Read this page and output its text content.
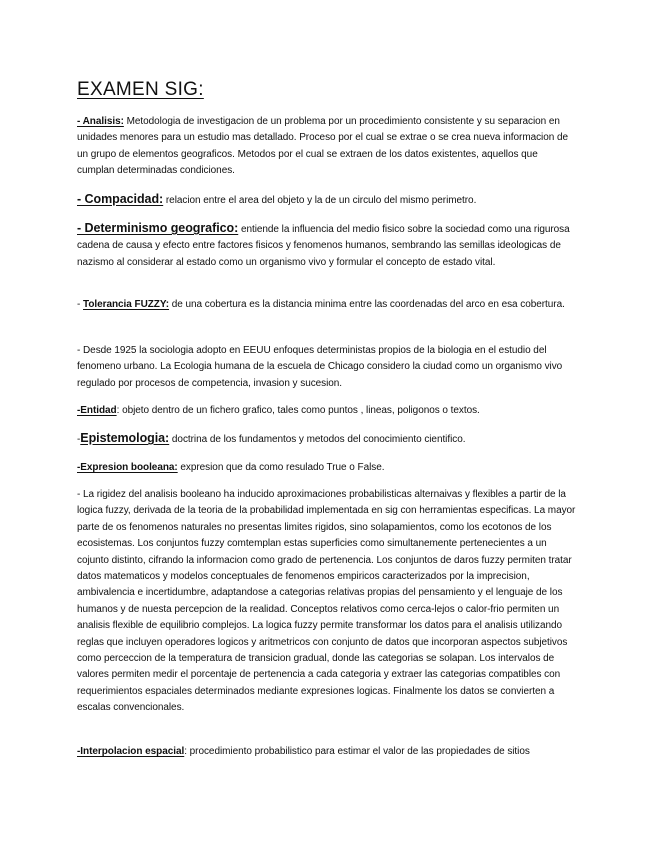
EXAMEN SIG:

- Analisis: Metodologia de investigacion de un problema por un procedimiento consistente y su separacion en unidades menores para un estudio mas detallado. Proceso por el cual se extrae o se crea nueva informacion de un grupo de elementos geograficos. Metodos por el cual se extraen de los datos existentes, aquellos que cumplan determinadas condiciones.

- Compacidad: relacion entre el area del objeto y la de un circulo del mismo perimetro.

- Determinismo geografico: entiende la influencia del medio fisico sobre la sociedad como una rigurosa cadena de causa y efecto entre factores fisicos y fenomenos humanos, sembrando las semillas ideologicas de nazismo al considerar al estado como un organismo vivo y formular el concepto de estado vital.

- Tolerancia FUZZY: de una cobertura es la distancia minima entre las coordenadas del arco en esa cobertura.

- Desde 1925 la sociologia adopto en EEUU enfoques deterministas propios de la biologia en el estudio del fenomeno urbano. La Ecologia humana de la escuela de Chicago considero la ciudad como un organismo vivo regulado por procesos de competencia, invasion y sucesion.

-Entidad: objeto dentro de un fichero grafico, tales como puntos , lineas, poligonos o textos.

-Epistemologia: doctrina de los fundamentos y metodos del conocimiento cientifico.

-Expresion booleana: expresion que da como resulado True o False.

- La rigidez del analisis booleano ha inducido aproximaciones probabilisticas alternaivas y flexibles a partir de la logica fuzzy, derivada de la teoria de la probabilidad implementada en sig con herramientas especificas. La mayor parte de os fenomenos naturales no presentas limites rigidos, sino solapamientos, como los ecotonos de los ecosistemas. Los conjuntos fuzzy comtemplan estas superficies como simultanemente pertenecientes a un cojunto distinto, cifrando la informacion como grado de pertenencia. Los conjuntos de daros fuzzy permiten tratar datos matematicos y modelos conceptuales de fenomenos empiricos caracterizados por la imprecision, ambivalencia e incertidumbre, adaptandose a categorias relativas propias del pensamiento y el lenguaje de los humanos y de nuesta percepcion de la realidad. Conceptos relativos como cerca-lejos o calor-frio permiten un analisis flexible de equilibrio complejos. La logica fuzzy permite transformar los datos para el analisis utilizando reglas que incluyen operadores logicos y aritmetricos con conjunto de datos que incorporan aspectos subjetivos como perceccion de la temperatura de transicion gradual, donde las categorias se solapan. Los intervalos de valores permiten medir el porcentaje de pertenencia a cada categoria y extraer las categorias compatibles con requerimientos espaciales determinados mediante expresiones logicas. Finalmente los datos se convierten a escalas convencionales.

-Interpolacion espacial: procedimiento probabilistico para estimar el valor de las propiedades de sitios
